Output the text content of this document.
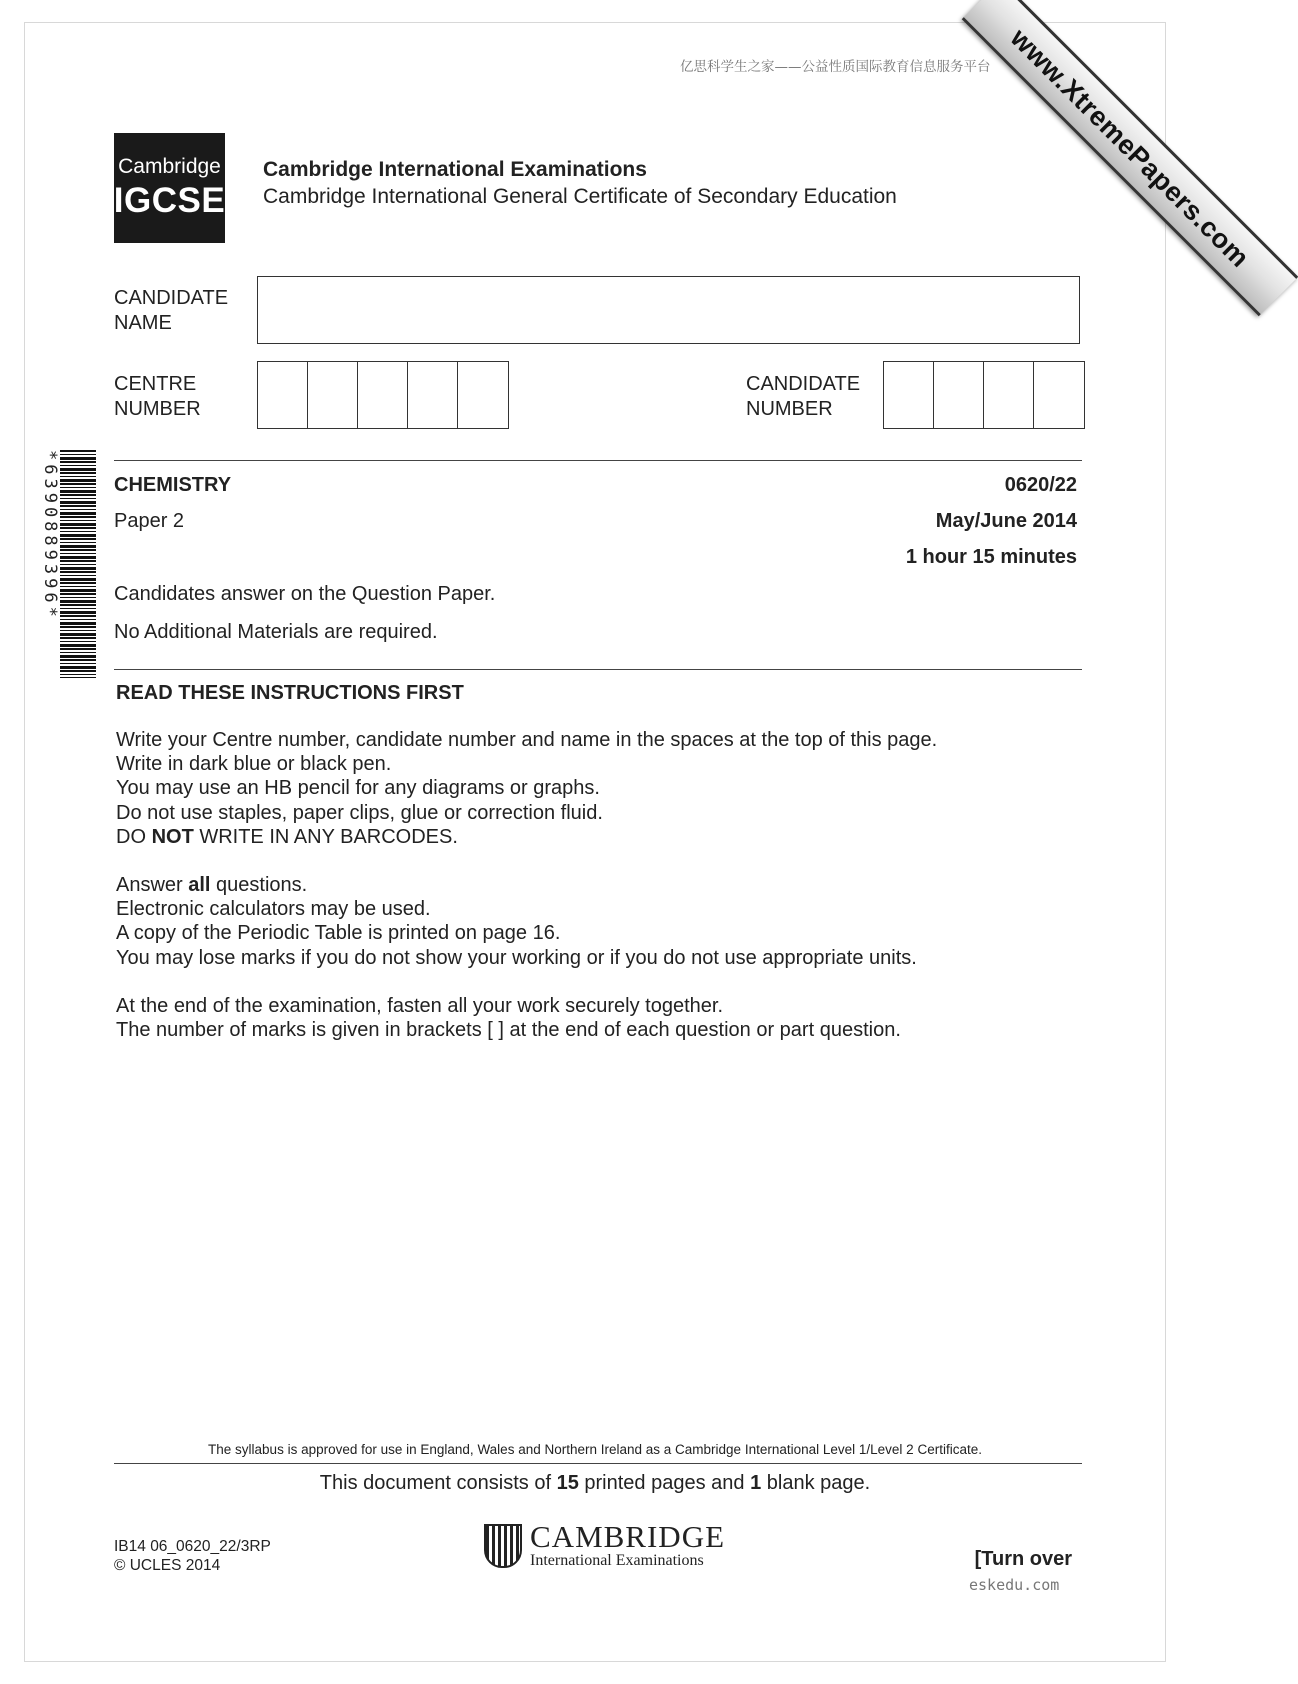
亿思科学生之家——公益性质国际教育信息服务平台 www.XtremePapers.com
Cambridge
IGCSE
Cambridge International Examinations
Cambridge International General Certificate of Secondary Education
CANDIDATE
NAME
CENTRE
NUMBER
CANDIDATE
NUMBER
*6390889396*	CHEMISTRY	0620/22
Paper 2	May/June 2014
1 hour 15 minutes
Candidates answer on the Question Paper.
No Additional Materials are required.
READ THESE INSTRUCTIONS FIRST

Write your Centre number, candidate number and name in the spaces at the top of this page.
Write in dark blue or black pen.
You may use an HB pencil for any diagrams or graphs.
Do not use staples, paper clips, glue or correction fluid.
DO NOT WRITE IN ANY BARCODES.

Answer all questions.
Electronic calculators may be used.
A copy of the Periodic Table is printed on page 16.
You may lose marks if you do not show your working or if you do not use appropriate units.

At the end of the examination, fasten all your work securely together.
The number of marks is given in brackets [ ] at the end of each question or part question.

The syllabus is approved for use in England, Wales and Northern Ireland as a Cambridge International Level 1/Level 2 Certificate.
This document consists of 15 printed pages and 1 blank page.
IB14 06_0620_22/3RP
© UCLES 2014
CAMBRIDGE
International Examinations	[Turn over
eskedu.com
